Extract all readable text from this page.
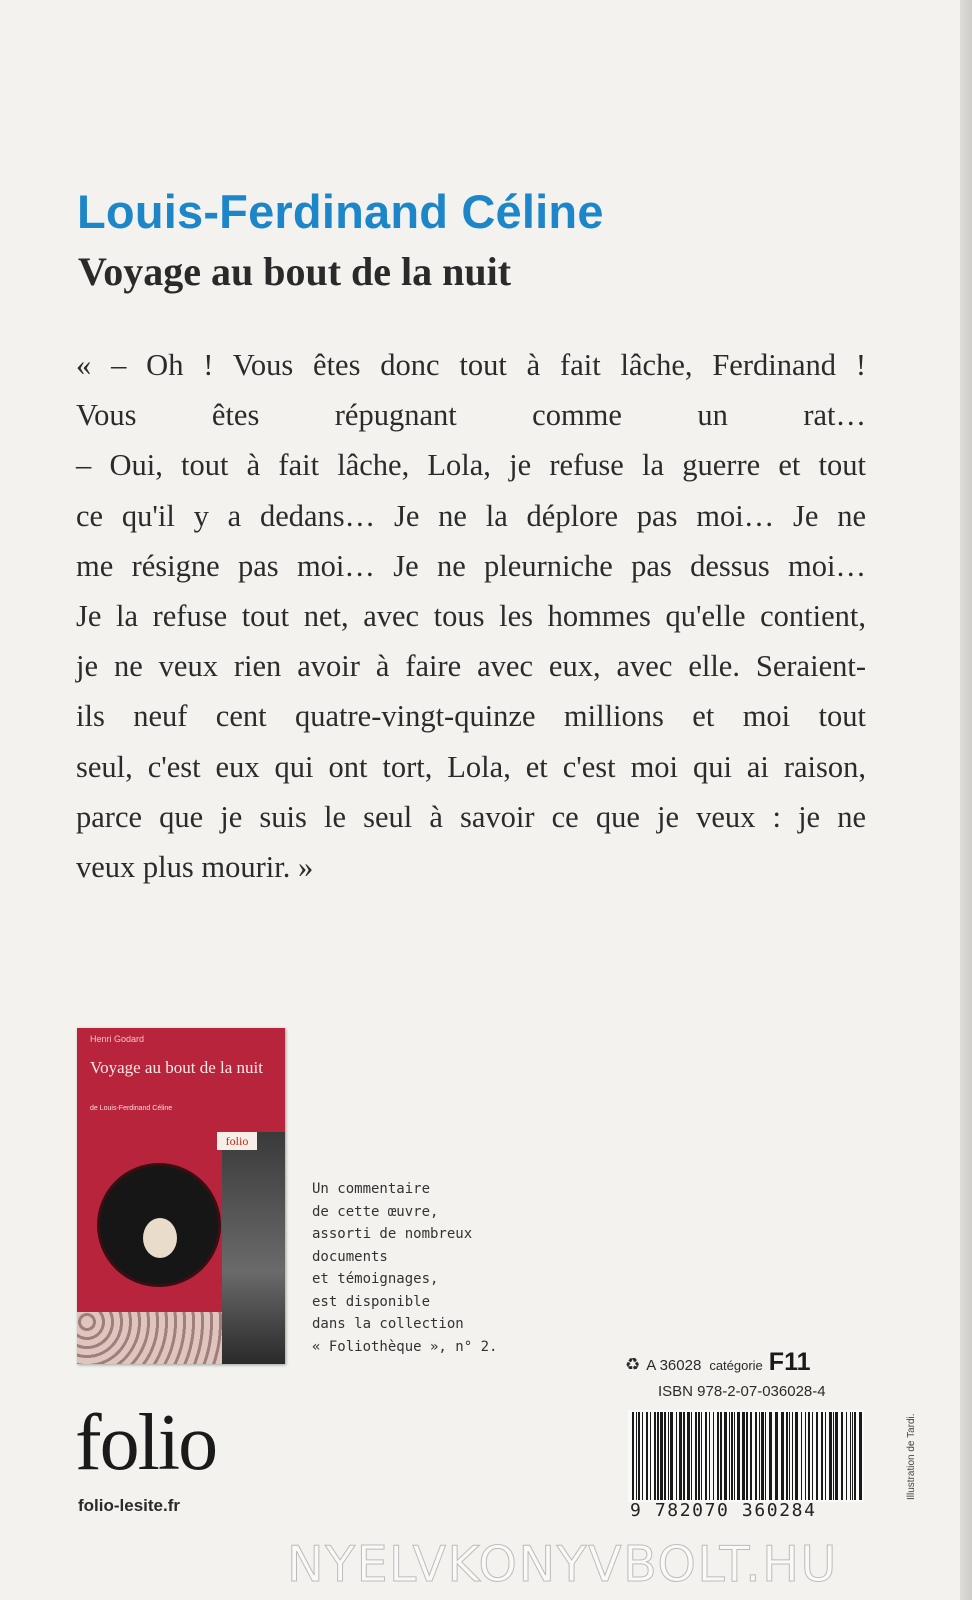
Louis-Ferdinand Céline
Voyage au bout de la nuit
« – Oh ! Vous êtes donc tout à fait lâche, Ferdinand !
Vous êtes répugnant comme un rat…
– Oui, tout à fait lâche, Lola, je refuse la guerre et tout
ce qu'il y a dedans… Je ne la déplore pas moi… Je ne
me résigne pas moi… Je ne pleurniche pas dessus moi…
Je la refuse tout net, avec tous les hommes qu'elle contient,
je ne veux rien avoir à faire avec eux, avec elle. Seraient-
ils neuf cent quatre-vingt-quinze millions et moi tout
seul, c'est eux qui ont tort, Lola, et c'est moi qui ai raison,
parce que je suis le seul à savoir ce que je veux : je ne
veux plus mourir. »
Henri Godard
Voyage au bout de la nuit
de Louis-Ferdinand Céline
folio
Un commentaire
de cette œuvre,
assorti de nombreux
documents
et témoignages,
est disponible
dans la collection
« Foliothèque », n° 2.
folio
folio-lesite.fr
♻ A 36028 catégorie F11
ISBN 978-2-07-036028-4
9 782070 360284
Illustration de Tardi.
NYELVKONYVBOLT.HU
